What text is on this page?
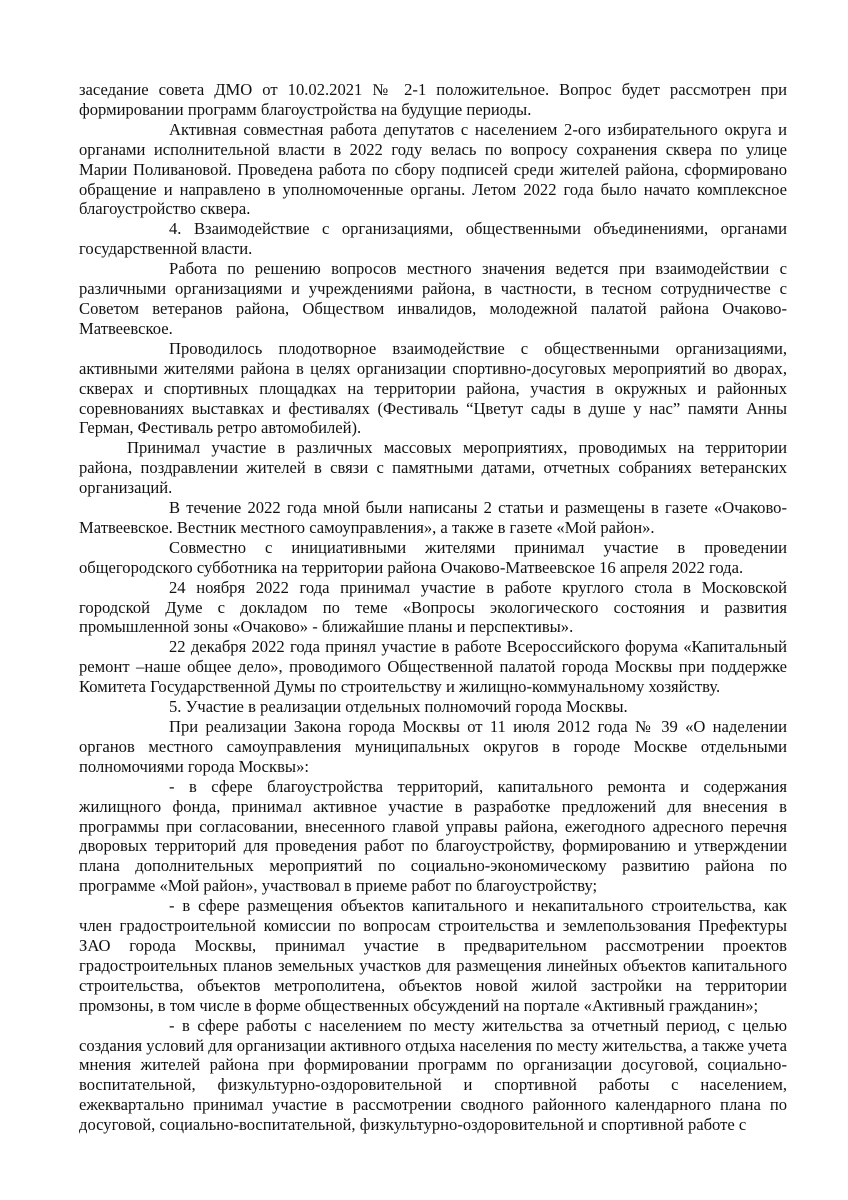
заседание совета ДМО от 10.02.2021 № 2-1 положительное. Вопрос будет рассмотрен при формировании программ благоустройства на будущие периоды.

Активная совместная работа депутатов с населением 2-ого избирательного округа и органами исполнительной власти в 2022 году велась по вопросу сохранения сквера по улице Марии Поливановой. Проведена работа по сбору подписей среди жителей района, сформировано обращение и направлено в уполномоченные органы. Летом 2022 года было начато комплексное благоустройство сквера.

4. Взаимодействие с организациями, общественными объединениями, органами государственной власти.

Работа по решению вопросов местного значения ведется при взаимодействии с различными организациями и учреждениями района, в частности, в тесном сотрудничестве с Советом ветеранов района, Обществом инвалидов, молодежной палатой района Очаково-Матвеевское.

Проводилось плодотворное взаимодействие с общественными организациями, активными жителями района в целях организации спортивно-досуговых мероприятий во дворах, скверах и спортивных площадках на территории района, участия в окружных и районных соревнованиях выставках и фестивалях (Фестиваль “Цветут сады в душе у нас” памяти Анны Герман, Фестиваль ретро автомобилей).

Принимал участие в различных массовых мероприятиях, проводимых на территории района, поздравлении жителей в связи с памятными датами, отчетных собраниях ветеранских организаций.

В течение 2022 года мной были написаны 2 статьи и размещены в газете «Очаково-Матвеевское. Вестник местного самоуправления», а также в газете «Мой район».

Совместно с инициативными жителями принимал участие в проведении общегородского субботника на территории района Очаково-Матвеевское 16 апреля 2022 года.

24 ноября 2022 года принимал участие в работе круглого стола в Московской городской Думе с докладом по теме «Вопросы экологического состояния и развития промышленной зоны «Очаково» - ближайшие планы и перспективы».

22 декабря 2022 года принял участие в работе Всероссийского форума «Капитальный ремонт –наше общее дело», проводимого Общественной палатой города Москвы при поддержке Комитета Государственной Думы по строительству и жилищно-коммунальному хозяйству.

5. Участие в реализации отдельных полномочий города Москвы.

При реализации Закона города Москвы от 11 июля 2012 года № 39 «О наделении органов местного самоуправления муниципальных округов в городе Москве отдельными полномочиями города Москвы»:

- в сфере благоустройства территорий, капитального ремонта и содержания жилищного фонда, принимал активное участие в разработке предложений для внесения в программы при согласовании, внесенного главой управы района, ежегодного адресного перечня дворовых территорий для проведения работ по благоустройству, формированию и утверждении плана дополнительных мероприятий по социально-экономическому развитию района по программе «Мой район», участвовал в приеме работ по благоустройству;

- в сфере размещения объектов капитального и некапитального строительства, как член градостроительной комиссии по вопросам строительства и землепользования Префектуры ЗАО города Москвы, принимал участие в предварительном рассмотрении проектов градостроительных планов земельных участков для размещения линейных объектов капитального строительства, объектов метрополитена, объектов новой жилой застройки на территории промзоны, в том числе в форме общественных обсуждений на портале «Активный гражданин»;

- в сфере работы с населением по месту жительства за отчетный период, с целью создания условий для организации активного отдыха населения по месту жительства, а также учета мнения жителей района при формировании программ по организации досуговой, социально-воспитательной, физкультурно-оздоровительной и спортивной работы с населением, ежеквартально принимал участие в рассмотрении сводного районного календарного плана по досуговой, социально-воспитательной, физкультурно-оздоровительной и спортивной работе с
